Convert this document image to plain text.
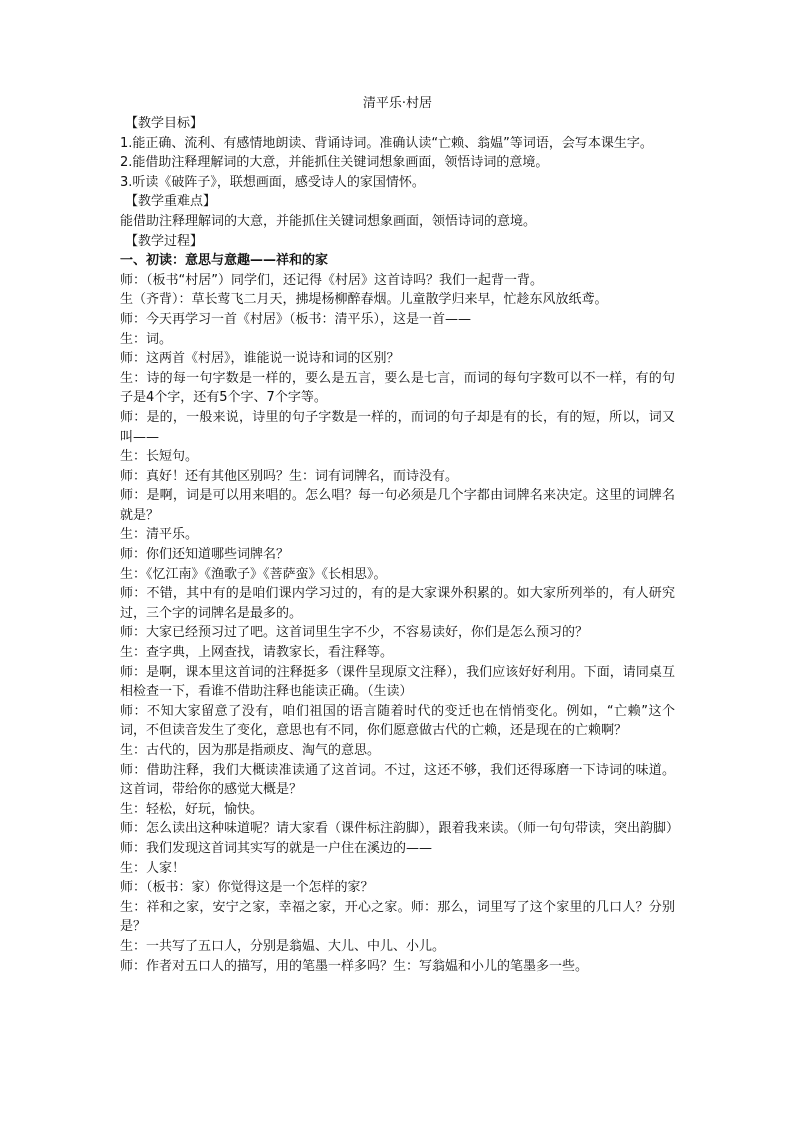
清平乐·村居

【教学目标】

1.能正确、流利、有感情地朗读、背诵诗词。准确认读“亡赖、翁媪”等词语，会写本课生字。

2.能借助注释理解词的大意，并能抓住关键词想象画面，领悟诗词的意境。

3.听读《破阵子》，联想画面，感受诗人的家国情怀。

【教学重难点】

能借助注释理解词的大意，并能抓住关键词想象画面，领悟诗词的意境。

【教学过程】

一、初读：意思与意趣——祥和的家

师：（板书“村居”）同学们，还记得《村居》这首诗吗？我们一起背一背。

生（齐背）：草长莺飞二月天，拂堤杨柳醉春烟。儿童散学归来早，忙趁东风放纸鸢。

师：今天再学习一首《村居》（板书：清平乐），这是一首——

生：词。

师：这两首《村居》，谁能说一说诗和词的区别？

生：诗的每一句字数是一样的，要么是五言，要么是七言，而词的每句字数可以不一样，有的句子是4个字，还有5个字、7个字等。

师：是的，一般来说，诗里的句子字数是一样的，而词的句子却是有的长，有的短，所以，词又叫——

生：长短句。

师：真好！还有其他区别吗？生：词有词牌名，而诗没有。

师：是啊，词是可以用来唱的。怎么唱？每一句必须是几个字都由词牌名来决定。这里的词牌名就是？

生：清平乐。

师：你们还知道哪些词牌名？

生：《忆江南》《渔歌子》《菩萨蛮》《长相思》。

师：不错，其中有的是咱们课内学习过的，有的是大家课外积累的。如大家所列举的，有人研究过，三个字的词牌名是最多的。

师：大家已经预习过了吧。这首词里生字不少，不容易读好，你们是怎么预习的？

生：查字典，上网查找，请教家长，看注释等。

师：是啊，课本里这首词的注释挺多（课件呈现原文注释），我们应该好好利用。下面，请同桌互相检查一下，看谁不借助注释也能读正确。（生读）

师：不知大家留意了没有，咱们祖国的语言随着时代的变迁也在悄悄变化。例如，“亡赖”这个词，不但读音发生了变化，意思也有不同，你们愿意做古代的亡赖，还是现在的亡赖啊？

生：古代的，因为那是指顽皮、淘气的意思。

师：借助注释，我们大概读准读通了这首词。不过，这还不够，我们还得琢磨一下诗词的味道。这首词，带给你的感觉大概是？

生：轻松，好玩，愉快。

师：怎么读出这种味道呢？请大家看（课件标注韵脚），跟着我来读。（师一句句带读，突出韵脚）

师：我们发现这首词其实写的就是一户住在溪边的——

生：人家！

师：（板书：家）你觉得这是一个怎样的家？

生：祥和之家，安宁之家，幸福之家，开心之家。师：那么，词里写了这个家里的几口人？分别是？

生：一共写了五口人，分别是翁媪、大儿、中儿、小儿。

师：作者对五口人的描写，用的笔墨一样多吗？生：写翁媪和小儿的笔墨多一些。
